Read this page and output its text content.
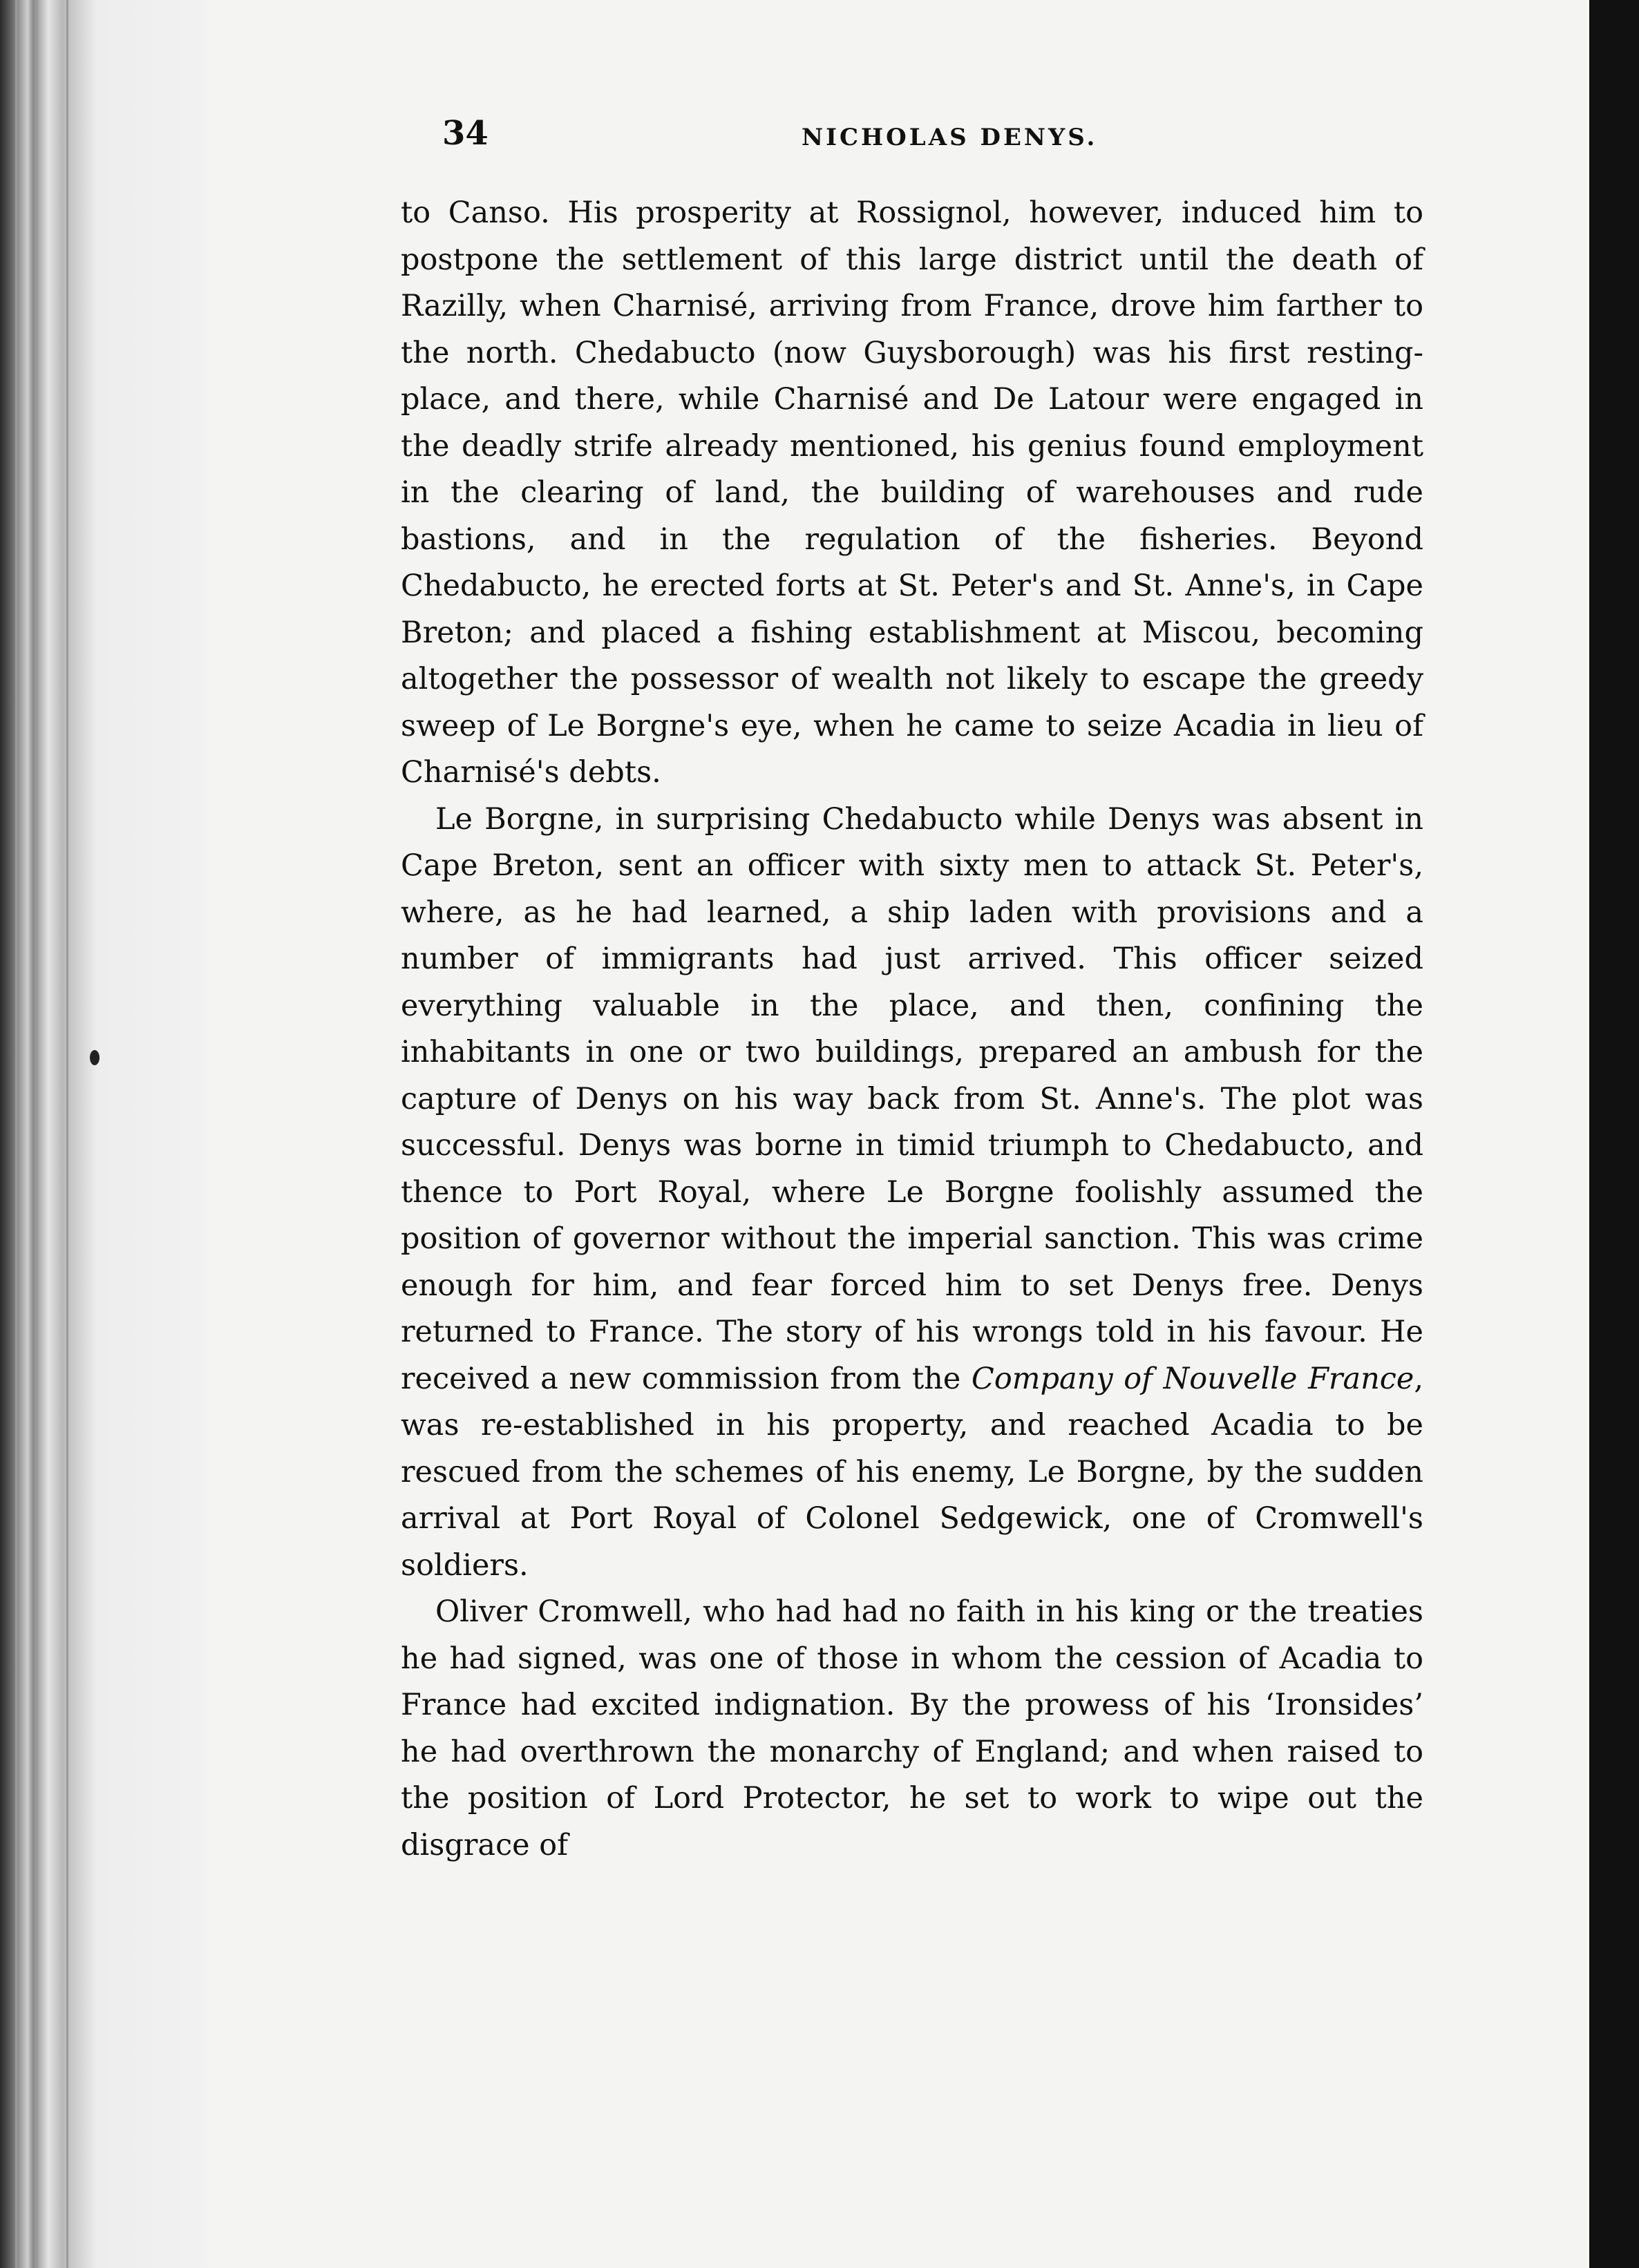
34	NICHOLAS DENYS.

to Canso. His prosperity at Rossignol, however, induced him to postpone the settlement of this large district until the death of Razilly, when Charnisé, arriving from France, drove him farther to the north. Chedabucto (now Guysborough) was his first resting-place, and there, while Charnisé and De Latour were engaged in the deadly strife already mentioned, his genius found employment in the clearing of land, the building of warehouses and rude bastions, and in the regulation of the fisheries. Beyond Chedabucto, he erected forts at St. Peter's and St. Anne's, in Cape Breton; and placed a fishing establishment at Miscou, becoming altogether the possessor of wealth not likely to escape the greedy sweep of Le Borgne's eye, when he came to seize Acadia in lieu of Charnisé's debts.

Le Borgne, in surprising Chedabucto while Denys was absent in Cape Breton, sent an officer with sixty men to attack St. Peter's, where, as he had learned, a ship laden with provisions and a number of immigrants had just arrived. This officer seized everything valuable in the place, and then, confining the inhabitants in one or two buildings, prepared an ambush for the capture of Denys on his way back from St. Anne's. The plot was successful. Denys was borne in timid triumph to Chedabucto, and thence to Port Royal, where Le Borgne foolishly assumed the position of governor without the imperial sanction. This was crime enough for him, and fear forced him to set Denys free. Denys returned to France. The story of his wrongs told in his favour. He received a new commission from the Company of Nouvelle France, was re-established in his property, and reached Acadia to be rescued from the schemes of his enemy, Le Borgne, by the sudden arrival at Port Royal of Colonel Sedgewick, one of Cromwell's soldiers.

Oliver Cromwell, who had had no faith in his king or the treaties he had signed, was one of those in whom the cession of Acadia to France had excited indignation. By the prowess of his ‘Ironsides’ he had overthrown the monarchy of England; and when raised to the position of Lord Protector, he set to work to wipe out the disgrace of
